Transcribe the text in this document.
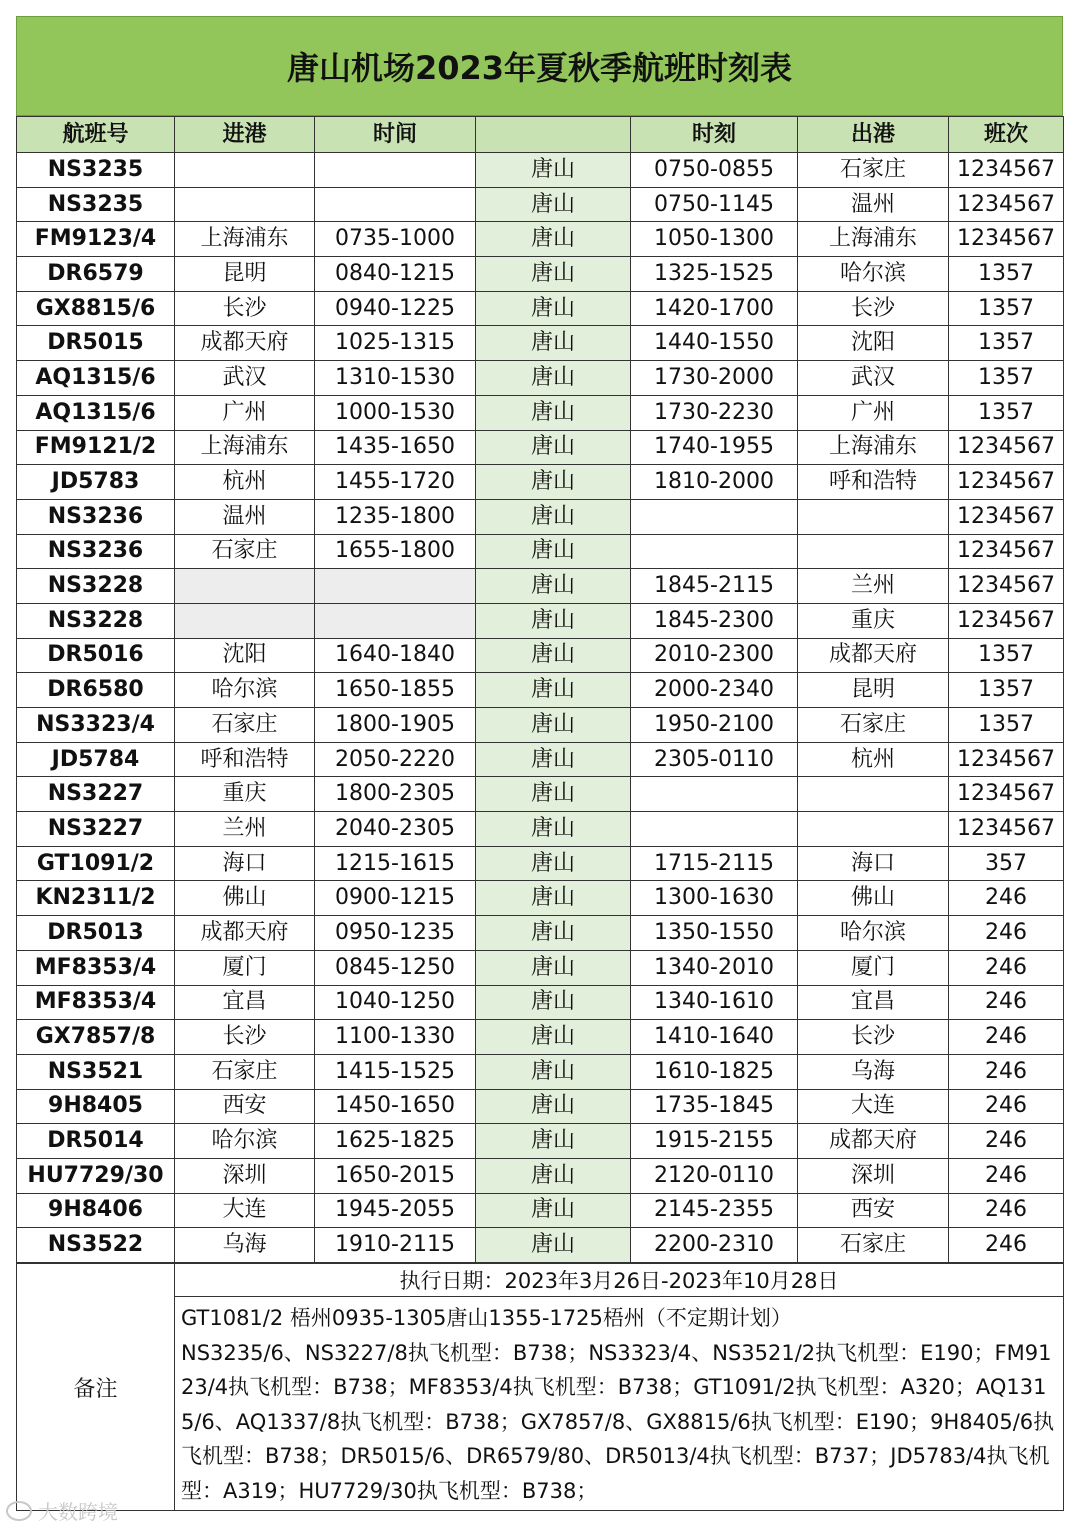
唐山机场2023年夏秋季航班时刻表
航班号	进港	时间		时刻	出港	班次
NS3235			唐山	0750-0855	石家庄	1234567
NS3235			唐山	0750-1145	温州	1234567
FM9123/4	上海浦东	0735-1000	唐山	1050-1300	上海浦东	1234567
DR6579	昆明	0840-1215	唐山	1325-1525	哈尔滨	1357
GX8815/6	长沙	0940-1225	唐山	1420-1700	长沙	1357
DR5015	成都天府	1025-1315	唐山	1440-1550	沈阳	1357
AQ1315/6	武汉	1310-1530	唐山	1730-2000	武汉	1357
AQ1315/6	广州	1000-1530	唐山	1730-2230	广州	1357
FM9121/2	上海浦东	1435-1650	唐山	1740-1955	上海浦东	1234567
JD5783	杭州	1455-1720	唐山	1810-2000	呼和浩特	1234567
NS3236	温州	1235-1800	唐山			1234567
NS3236	石家庄	1655-1800	唐山			1234567
NS3228			唐山	1845-2115	兰州	1234567
NS3228			唐山	1845-2300	重庆	1234567
DR5016	沈阳	1640-1840	唐山	2010-2300	成都天府	1357
DR6580	哈尔滨	1650-1855	唐山	2000-2340	昆明	1357
NS3323/4	石家庄	1800-1905	唐山	1950-2100	石家庄	1357
JD5784	呼和浩特	2050-2220	唐山	2305-0110	杭州	1234567
NS3227	重庆	1800-2305	唐山			1234567
NS3227	兰州	2040-2305	唐山			1234567
GT1091/2	海口	1215-1615	唐山	1715-2115	海口	357
KN2311/2	佛山	0900-1215	唐山	1300-1630	佛山	246
DR5013	成都天府	0950-1235	唐山	1350-1550	哈尔滨	246
MF8353/4	厦门	0845-1250	唐山	1340-2010	厦门	246
MF8353/4	宜昌	1040-1250	唐山	1340-1610	宜昌	246
GX7857/8	长沙	1100-1330	唐山	1410-1640	长沙	246
NS3521	石家庄	1415-1525	唐山	1610-1825	乌海	246
9H8405	西安	1450-1650	唐山	1735-1845	大连	246
DR5014	哈尔滨	1625-1825	唐山	1915-2155	成都天府	246
HU7729/30	深圳	1650-2015	唐山	2120-0110	深圳	246
9H8406	大连	1945-2055	唐山	2145-2355	西安	246
NS3522	乌海	1910-2115	唐山	2200-2310	石家庄	246
备注	执行日期：2023年3月26日-2023年10月28日

GT1081/2 梧州0935-1305唐山1355-1725梧州（不定期计划）

NS3235/6、NS3227/8执飞机型：B738；NS3323/4、NS3521/2执飞机型：E190；FM9123/4执飞机型：B738；MF8353/4执飞机型：B738；GT1091/2执飞机型：A320；AQ1315/6、AQ1337/8执飞机型：B738；GX7857/8、GX8815/6执飞机型：E190；9H8405/6执飞机型：B738；DR5015/6、DR6579/80、DR5013/4执飞机型：B737；JD5783/4执飞机型：A319；HU7729/30执飞机型：B738；

大数跨境
